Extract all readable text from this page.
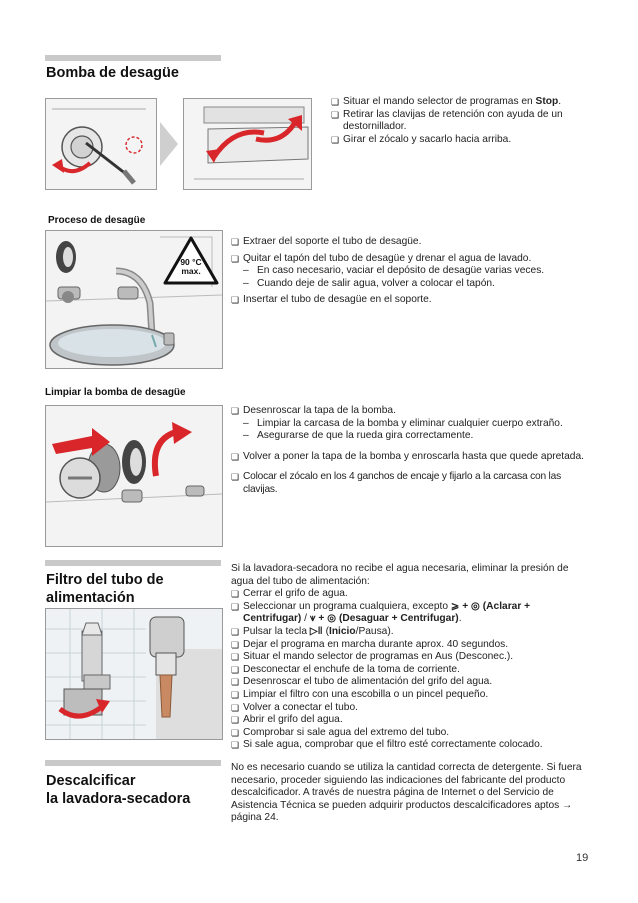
Bomba de desagüe
❏ Situar el mando selector de programas en Stop.
❏ Retirar las clavijas de retención con ayuda de un destornillador.
❏ Girar el zócalo y sacarlo hacia arriba.
Proceso de desagüe
90 °C
max.
❏ Extraer del soporte el tubo de desagüe.
❏ Quitar el tapón del tubo de desagüe y drenar el agua de lavado.
– En caso necesario, vaciar el depósito de desagüe varias veces.
– Cuando deje de salir agua, volver a colocar el tapón.
❏ Insertar el tubo de desagüe en el soporte.
Limpiar la bomba de desagüe
❏ Desenroscar la tapa de la bomba.
– Limpiar la carcasa de la bomba y eliminar cualquier cuerpo extraño.
– Asegurarse de que la rueda gira correctamente.
❏ Volver a poner la tapa de la bomba y enroscarla hasta que quede apretada.
❏ Colocar el zócalo en los 4 ganchos de encaje y fijarlo a la carcasa con las clavijas.
Filtro del tubo de
alimentación
Si la lavadora-secadora no recibe el agua necesaria, eliminar la presión de agua del tubo de alimentación:
❏ Cerrar el grifo de agua.
❏ Seleccionar un programa cualquiera, excepto ⩾ + ◎ (Aclarar + Centrifugar) / ⩛ + ◎ (Desaguar + Centrifugar).
❏ Pulsar la tecla ▷‖ (Inicio/Pausa).
❏ Dejar el programa en marcha durante aprox. 40 segundos.
❏ Situar el mando selector de programas en Aus (Desconec.).
❏ Desconectar el enchufe de la toma de corriente.
❏ Desenroscar el tubo de alimentación del grifo del agua.
❏ Limpiar el filtro con una escobilla o un pincel pequeño.
❏ Volver a conectar el tubo.
❏ Abrir el grifo del agua.
❏ Comprobar si sale agua del extremo del tubo.
❏ Si sale agua, comprobar que el filtro esté correctamente colocado.
Descalcificar
la lavadora-secadora
No es necesario cuando se utiliza la cantidad correcta de detergente. Si fuera necesario, proceder siguiendo las indicaciones del fabricante del producto descalcificador. A través de nuestra página de Internet o del Servicio de Asistencia Técnica se pueden adquirir productos descalcificadores aptos → página 24.
19
